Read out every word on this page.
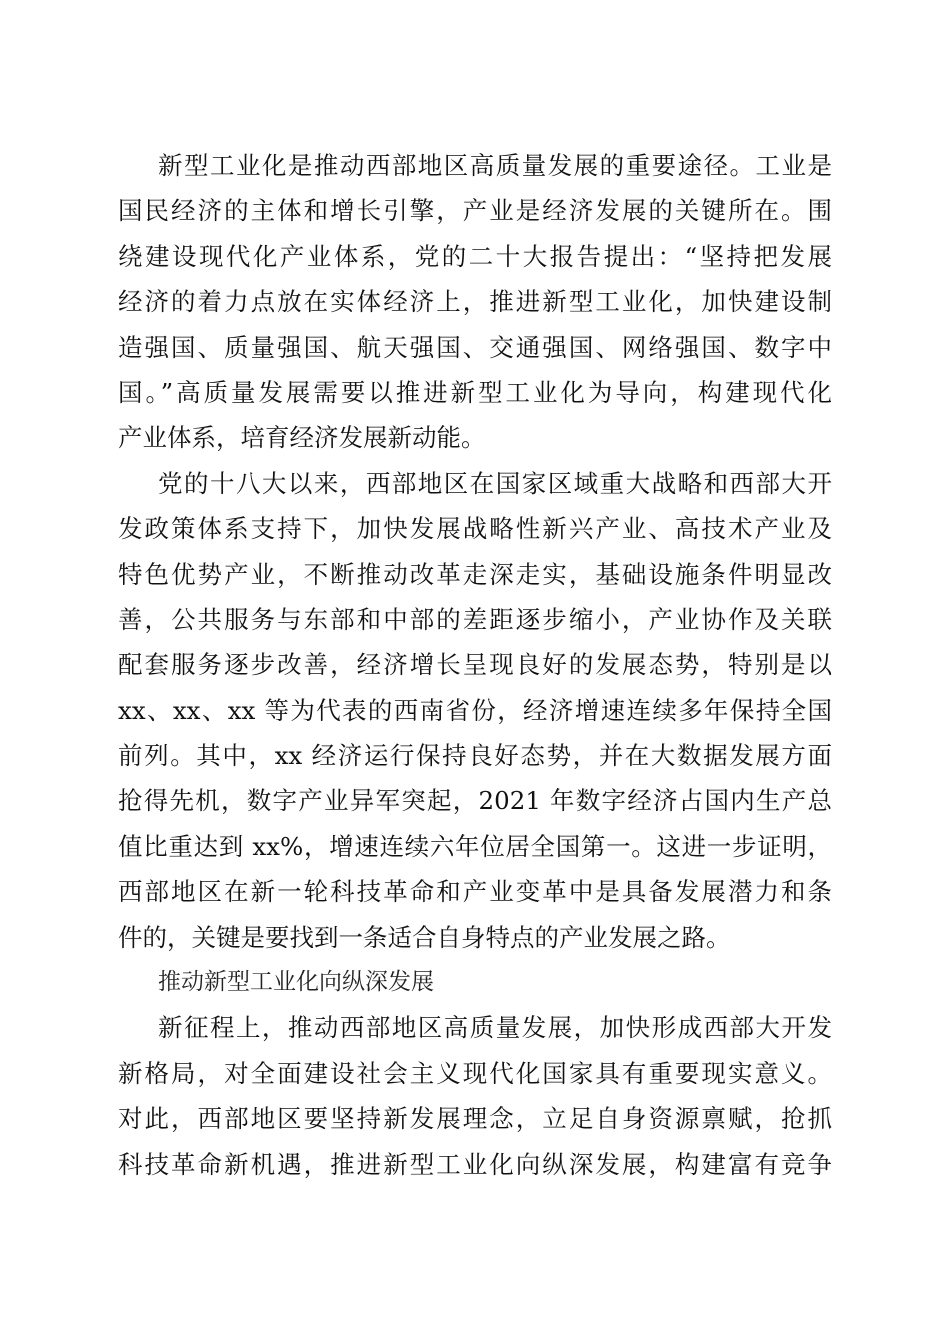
新型工业化是推动西部地区高质量发展的重要途径。工业是
国民经济的主体和增长引擎，产业是经济发展的关键所在。围
绕建设现代化产业体系，党的二十大报告提出：“坚持把发展
经济的着力点放在实体经济上，推进新型工业化，加快建设制
造强国、质量强国、航天强国、交通强国、网络强国、数字中
国。”高质量发展需要以推进新型工业化为导向，构建现代化
产业体系，培育经济发展新动能。
党的十八大以来，西部地区在国家区域重大战略和西部大开
发政策体系支持下，加快发展战略性新兴产业、高技术产业及
特色优势产业，不断推动改革走深走实，基础设施条件明显改
善，公共服务与东部和中部的差距逐步缩小，产业协作及关联
配套服务逐步改善，经济增长呈现良好的发展态势，特别是以
xx、xx、xx 等为代表的西南省份，经济增速连续多年保持全国
前列。其中，xx 经济运行保持良好态势，并在大数据发展方面
抢得先机，数字产业异军突起，2021 年数字经济占国内生产总
值比重达到 xx%，增速连续六年位居全国第一。这进一步证明，
西部地区在新一轮科技革命和产业变革中是具备发展潜力和条
件的，关键是要找到一条适合自身特点的产业发展之路。
推动新型工业化向纵深发展
新征程上，推动西部地区高质量发展，加快形成西部大开发
新格局，对全面建设社会主义现代化国家具有重要现实意义。
对此，西部地区要坚持新发展理念，立足自身资源禀赋，抢抓
科技革命新机遇，推进新型工业化向纵深发展，构建富有竞争
